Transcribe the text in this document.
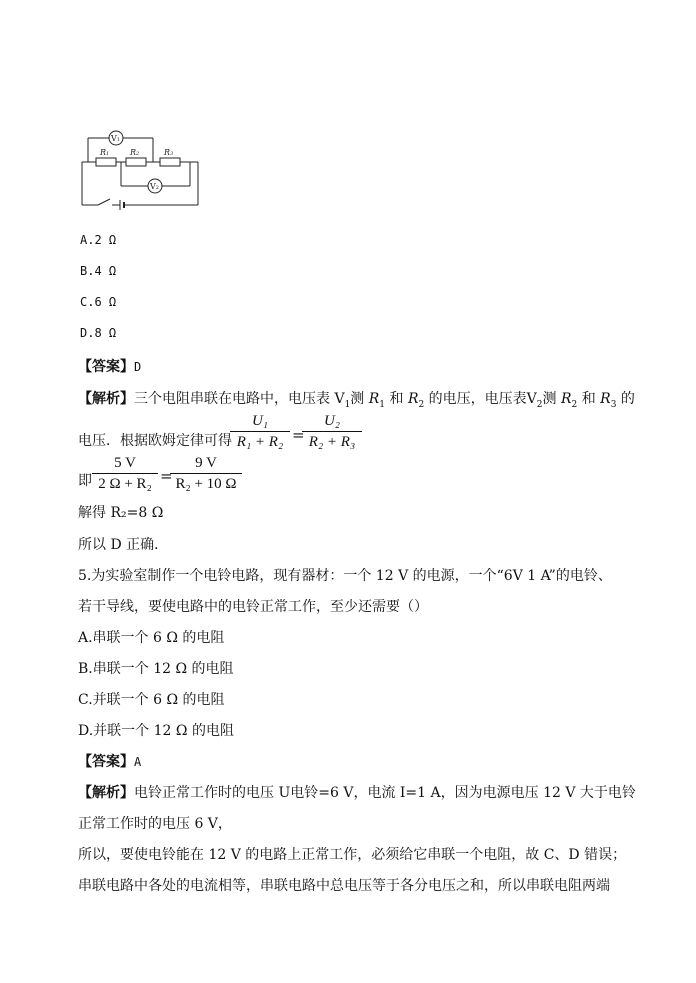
V1
V2
R1	R2	R3
A.2 Ω
B.4 Ω
C.6 Ω
D.8 Ω
【答案】D
【解析】三个电阻串联在电路中，电压表 $V_1$测 $R_1$ 和 $R_2$ 的电压，电压表$V_2$测 $R_2$ 和 $R_3$ 的
电压．根据欧姆定律可得
U₁
R₁ + R₂ =
U₂
R₂ + R₃
即
5 V
2 Ω + R₂ =
9 V
R₂ + 10 Ω
解得 R₂=8 Ω
所以 D 正确．
5.为实验室制作一个电铃电路，现有器材：一个 12 V 的电源，一个“6V 1 A”的电铃、
若干导线，要使电路中的电铃正常工作，至少还需要（）
A.串联一个 6 Ω 的电阻
B.串联一个 12 Ω 的电阻
C.并联一个 6 Ω 的电阻
D.并联一个 12 Ω 的电阻
【答案】A
【解析】电铃正常工作时的电压 U电铃=6 V，电流 I=1 A，因为电源电压 12 V 大于电铃
正常工作时的电压 6 V，
所以，要使电铃能在 12 V 的电路上正常工作，必须给它串联一个电阻，故 C、D 错误；
串联电路中各处的电流相等，串联电路中总电压等于各分电压之和，所以串联电阻两端
